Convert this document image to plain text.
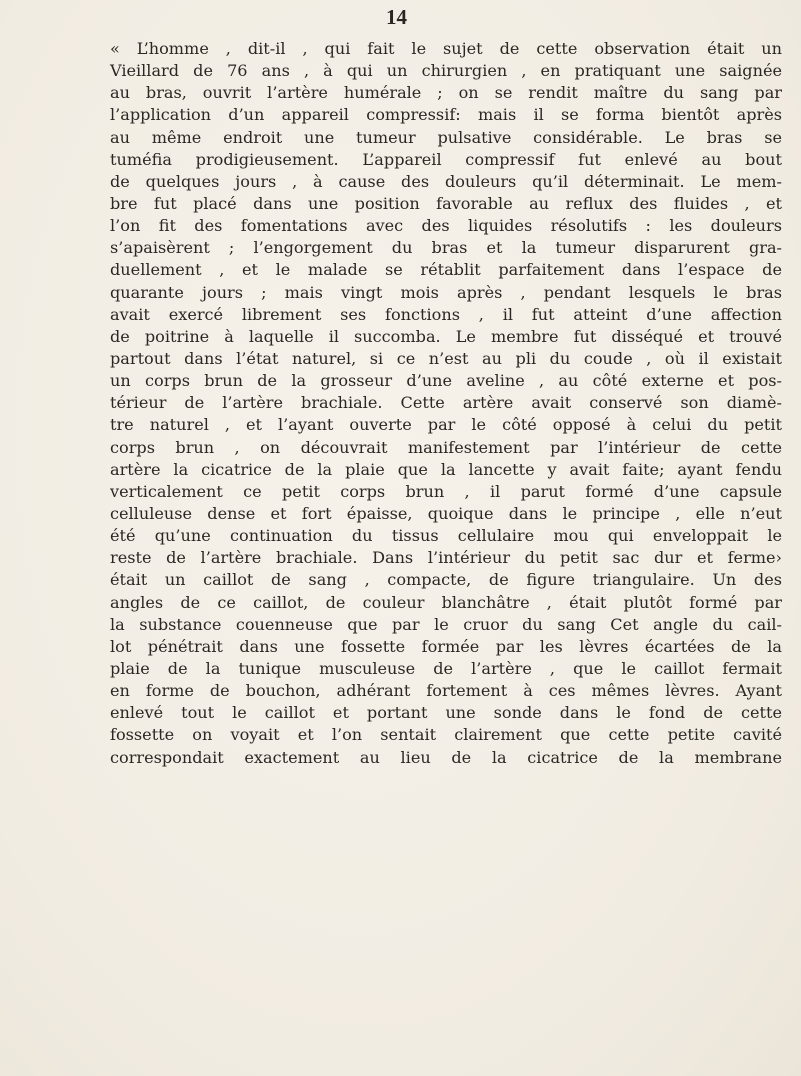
14
« L’homme , dit-il , qui fait le sujet de cette observation était un
Vieillard de 76 ans , à qui un chirurgien , en pratiquant une saignée
au bras, ouvrit l’artère humérale ; on se rendit maître du sang par
l’application d’un appareil compressif: mais il se forma bientôt après
au même endroit une tumeur pulsative considérable. Le bras se
tuméfia prodigieusement. L’appareil compressif fut enlevé au bout
de quelques jours , à cause des douleurs qu’il déterminait. Le mem-
bre fut placé dans une position favorable au reflux des fluides , et
l’on fit des fomentations avec des liquides résolutifs : les douleurs
s’apaisèrent ; l’engorgement du bras et la tumeur disparurent gra-
duellement , et le malade se rétablit parfaitement dans l’espace de
quarante jours ; mais vingt mois après , pendant lesquels le bras
avait exercé librement ses fonctions , il fut atteint d’une affection
de poitrine à laquelle il succomba. Le membre fut disséqué et trouvé
partout dans l’état naturel, si ce n’est au pli du coude , où il existait
un corps brun de la grosseur d’une aveline , au côté externe et pos-
térieur de l’artère brachiale. Cette artère avait conservé son diamè-
tre naturel , et l’ayant ouverte par le côté opposé à celui du petit
corps brun , on découvrait manifestement par l’intérieur de cette
artère la cicatrice de la plaie que la lancette y avait faite; ayant fendu
verticalement ce petit corps brun , il parut formé d’une capsule
celluleuse dense et fort épaisse, quoique dans le principe , elle n’eut
été qu’une continuation du tissus cellulaire mou qui enveloppait le
reste de l’artère brachiale. Dans l’intérieur du petit sac dur et ferme›
était un caillot de sang , compacte, de figure triangulaire. Un des
angles de ce caillot, de couleur blanchâtre , était plutôt formé par
la substance couenneuse que par le cruor du sang Cet angle du cail-
lot pénétrait dans une fossette formée par les lèvres écartées de la
plaie de la tunique musculeuse de l’artère , que le caillot fermait
en forme de bouchon, adhérant fortement à ces mêmes lèvres. Ayant
enlevé tout le caillot et portant une sonde dans le fond de cette
fossette on voyait et l’on sentait clairement que cette petite cavité
correspondait exactement au lieu de la cicatrice de la membrane
